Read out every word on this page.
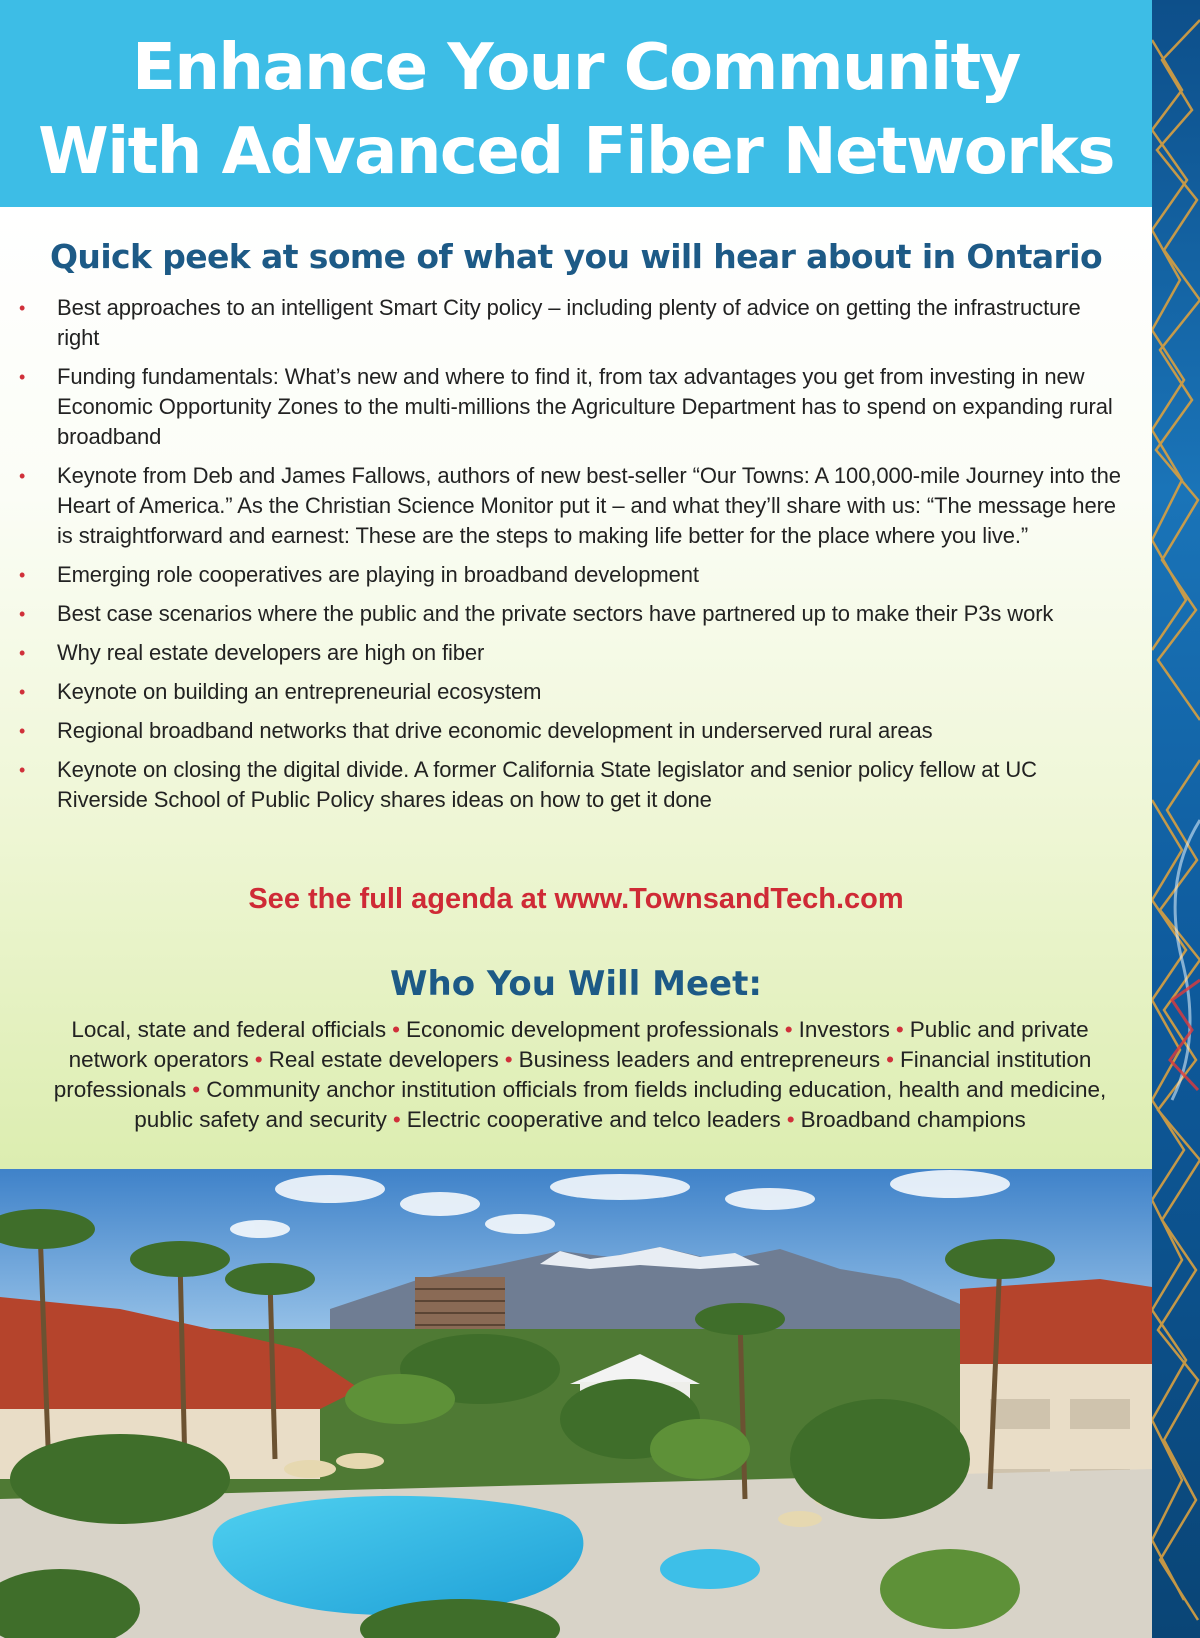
Enhance Your Community
With Advanced Fiber Networks
Quick peek at some of what you will hear about in Ontario
• Best approaches to an intelligent Smart City policy – including plenty of advice on getting the infrastructure right
• Funding fundamentals: What’s new and where to find it, from tax advantages you get from investing in new Economic Opportunity Zones to the multi-millions the Agriculture Department has to spend on expanding rural broadband
• Keynote from Deb and James Fallows, authors of new best-seller “Our Towns: A 100,000-mile Journey into the Heart of America.” As the Christian Science Monitor put it – and what they’ll share with us: “The message here is straightforward and earnest: These are the steps to making life better for the place where you live.”
• Emerging role cooperatives are playing in broadband development
• Best case scenarios where the public and the private sectors have partnered up to make their P3s work
• Why real estate developers are high on fiber
• Keynote on building an entrepreneurial ecosystem
• Regional broadband networks that drive economic development in underserved rural areas
• Keynote on closing the digital divide. A former California State legislator and senior policy fellow at UC Riverside School of Public Policy shares ideas on how to get it done
See the full agenda at www.TownsandTech.com
Who You Will Meet:

Local, state and federal officials • Economic development professionals • Investors • Public and private network operators • Real estate developers • Business leaders and entrepreneurs • Financial institution professionals • Community anchor institution officials from fields including education, health and medicine, public safety and security • Electric cooperative and telco leaders • Broadband champions
